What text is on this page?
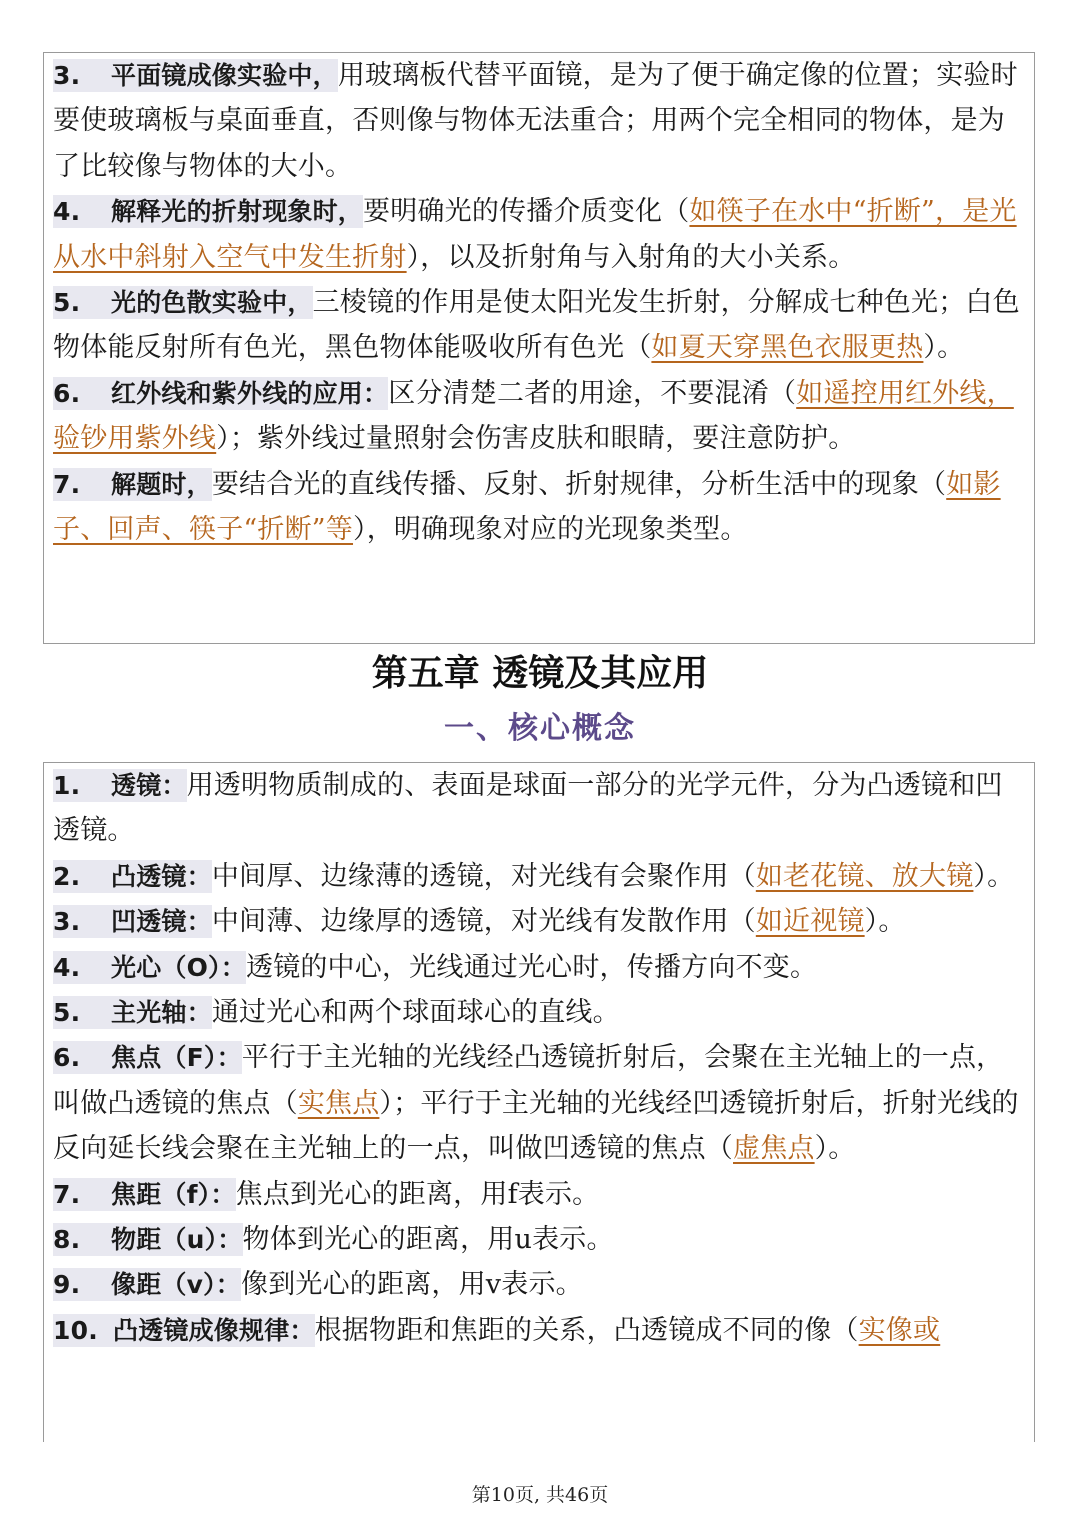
3. 平面镜成像实验中，用玻璃板代替平面镜，是为了便于确定像的位置；实验时要使玻璃板与桌面垂直，否则像与物体无法重合；用两个完全相同的物体，是为了比较像与物体的大小。

4. 解释光的折射现象时，要明确光的传播介质变化（如筷子在水中“折断”，是光从水中斜射入空气中发生折射），以及折射角与入射角的大小关系。

5. 光的色散实验中，三棱镜的作用是使太阳光发生折射，分解成七种色光；白色物体能反射所有色光，黑色物体能吸收所有色光（如夏天穿黑色衣服更热）。

6. 红外线和紫外线的应用：区分清楚二者的用途，不要混淆（如遥控用红外线，验钞用紫外线）；紫外线过量照射会伤害皮肤和眼睛，要注意防护。

7. 解题时，要结合光的直线传播、反射、折射规律，分析生活中的现象（如影子、回声、筷子“折断”等），明确现象对应的光现象类型。

第五章 透镜及其应用
一、核心概念

1. 透镜：用透明物质制成的、表面是球面一部分的光学元件，分为凸透镜和凹透镜。

2. 凸透镜：中间厚、边缘薄的透镜，对光线有会聚作用（如老花镜、放大镜）。

3. 凹透镜：中间薄、边缘厚的透镜，对光线有发散作用（如近视镜）。

4. 光心（O）：透镜的中心，光线通过光心时，传播方向不变。

5. 主光轴：通过光心和两个球面球心的直线。

6. 焦点（F）：平行于主光轴的光线经凸透镜折射后，会聚在主光轴上的一点，叫做凸透镜的焦点（实焦点）；平行于主光轴的光线经凹透镜折射后，折射光线的反向延长线会聚在主光轴上的一点，叫做凹透镜的焦点（虚焦点）。

7. 焦距（f）：焦点到光心的距离，用f表示。

8. 物距（u）：物体到光心的距离，用u表示。

9. 像距（v）：像到光心的距离，用v表示。

10. 凸透镜成像规律：根据物距和焦距的关系，凸透镜成不同的像（实像或

第10页, 共46页
